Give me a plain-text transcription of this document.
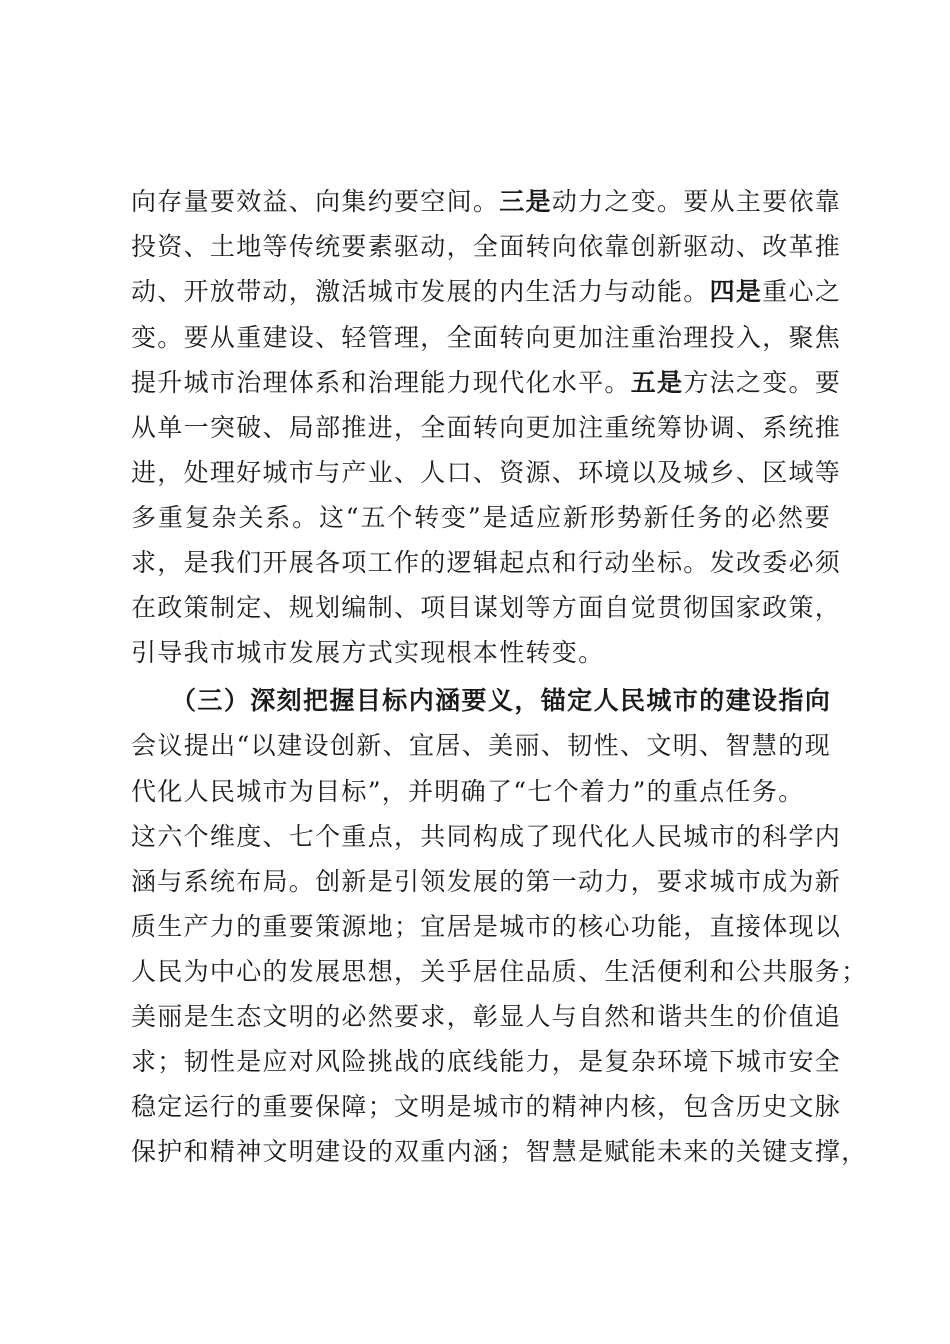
向存量要效益、向集约要空间。三是动力之变。要从主要依靠
投资、土地等传统要素驱动，全面转向依靠创新驱动、改革推
动、开放带动，激活城市发展的内生活力与动能。四是重心之
变。要从重建设、轻管理，全面转向更加注重治理投入，聚焦
提升城市治理体系和治理能力现代化水平。五是方法之变。要
从单一突破、局部推进，全面转向更加注重统筹协调、系统推
进，处理好城市与产业、人口、资源、环境以及城乡、区域等
多重复杂关系。这“五个转变”是适应新形势新任务的必然要
求，是我们开展各项工作的逻辑起点和行动坐标。发改委必须
在政策制定、规划编制、项目谋划等方面自觉贯彻国家政策，
引导我市城市发展方式实现根本性转变。
（三）深刻把握目标内涵要义，锚定人民城市的建设指向
会议提出“以建设创新、宜居、美丽、韧性、文明、智慧的现
代化人民城市为目标”，并明确了“七个着力”的重点任务。
这六个维度、七个重点，共同构成了现代化人民城市的科学内
涵与系统布局。创新是引领发展的第一动力，要求城市成为新
质生产力的重要策源地；宜居是城市的核心功能，直接体现以
人民为中心的发展思想，关乎居住品质、生活便利和公共服务；
美丽是生态文明的必然要求，彰显人与自然和谐共生的价值追
求；韧性是应对风险挑战的底线能力，是复杂环境下城市安全
稳定运行的重要保障；文明是城市的精神内核，包含历史文脉
保护和精神文明建设的双重内涵；智慧是赋能未来的关键支撑，
